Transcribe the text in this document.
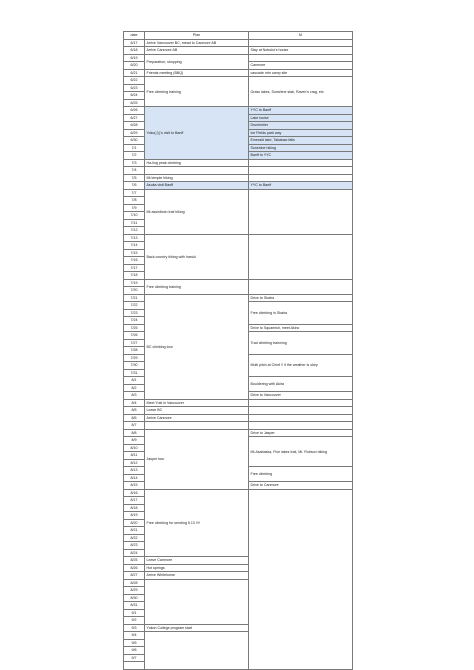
date	Plan	M
6/17	Arrive Vancouver BC, mead to Canmore AB	
6/18	Arrive Canmore AB	Stay at Nobuko's house
6/19	Preparation, shopping	
6/20		Canmore
6/21	Friends meeting (BBQ)	cascade mtn camp site
6/22	Free climbing training	Grass lakes, Sunshine slab, Raven's crag, etc
6/23		
6/24		
6/25		
6/26	Yoko(山)'s visit to Banff	YYC to Banff
6/27		Lake louise
6/28		Drumheller
6/29		Ice Fields park way
6/30		Emerald lake, Takakaw falls
7/1		Sunshine hiking
7/2		Banff to YYC
7/3	Ha-ling peak climbing	
7/4		
7/5	Mt temple hiking	
7/6	Asuka visit Banff	YYC to Banff
7/7	Mt assiniboin trail hiking	
7/8		
7/9		
7/10		
7/11		
7/12		
7/13	Back country hiking with haruki	
7/14		
7/15		
7/16		
7/17		
7/18		
7/19	Free climbing training	
7/20		
7/21	BC climbing tour	Drive to Skaha
7/22		Free climbing in Skaha
7/23		
7/24		
7/25		Drive to Squamish, meet Akira
7/26		Trad climbing trainning
7/27		
7/28		
7/29		Multi pitch at Chief !! if the weather is okey
7/30		
7/31		
8/1		Bouldering with Akira
8/2		
8/3		Drive to Vancouver
8/4	Meet Yuki in Vancouver	
8/5	Leave BC	
8/6	Arrive Canmore	
8/7		
8/8	Jasper tour	Drive to Jasper
8/9		Mt.Asabaska, Five lakes trail, Mt. Robson hiking
8/10		
8/11		
8/12		
8/13		Free climbing
8/14		
8/15		Drive to Canmore
8/16	Free climbing for sending 5.13 !!!!	
8/17		
8/18		
8/19		
8/20		
8/21		
8/22		
8/23		
8/24		
8/25	Leave Canmore	
8/26	Hot springs	
8/27	Arrive Whitehorse	
8/28		
8/29		
8/30		
8/31		
9/1		
9/2		
9/3	Yukon College program start	
9/4		
9/5		
9/6		
9/7		
